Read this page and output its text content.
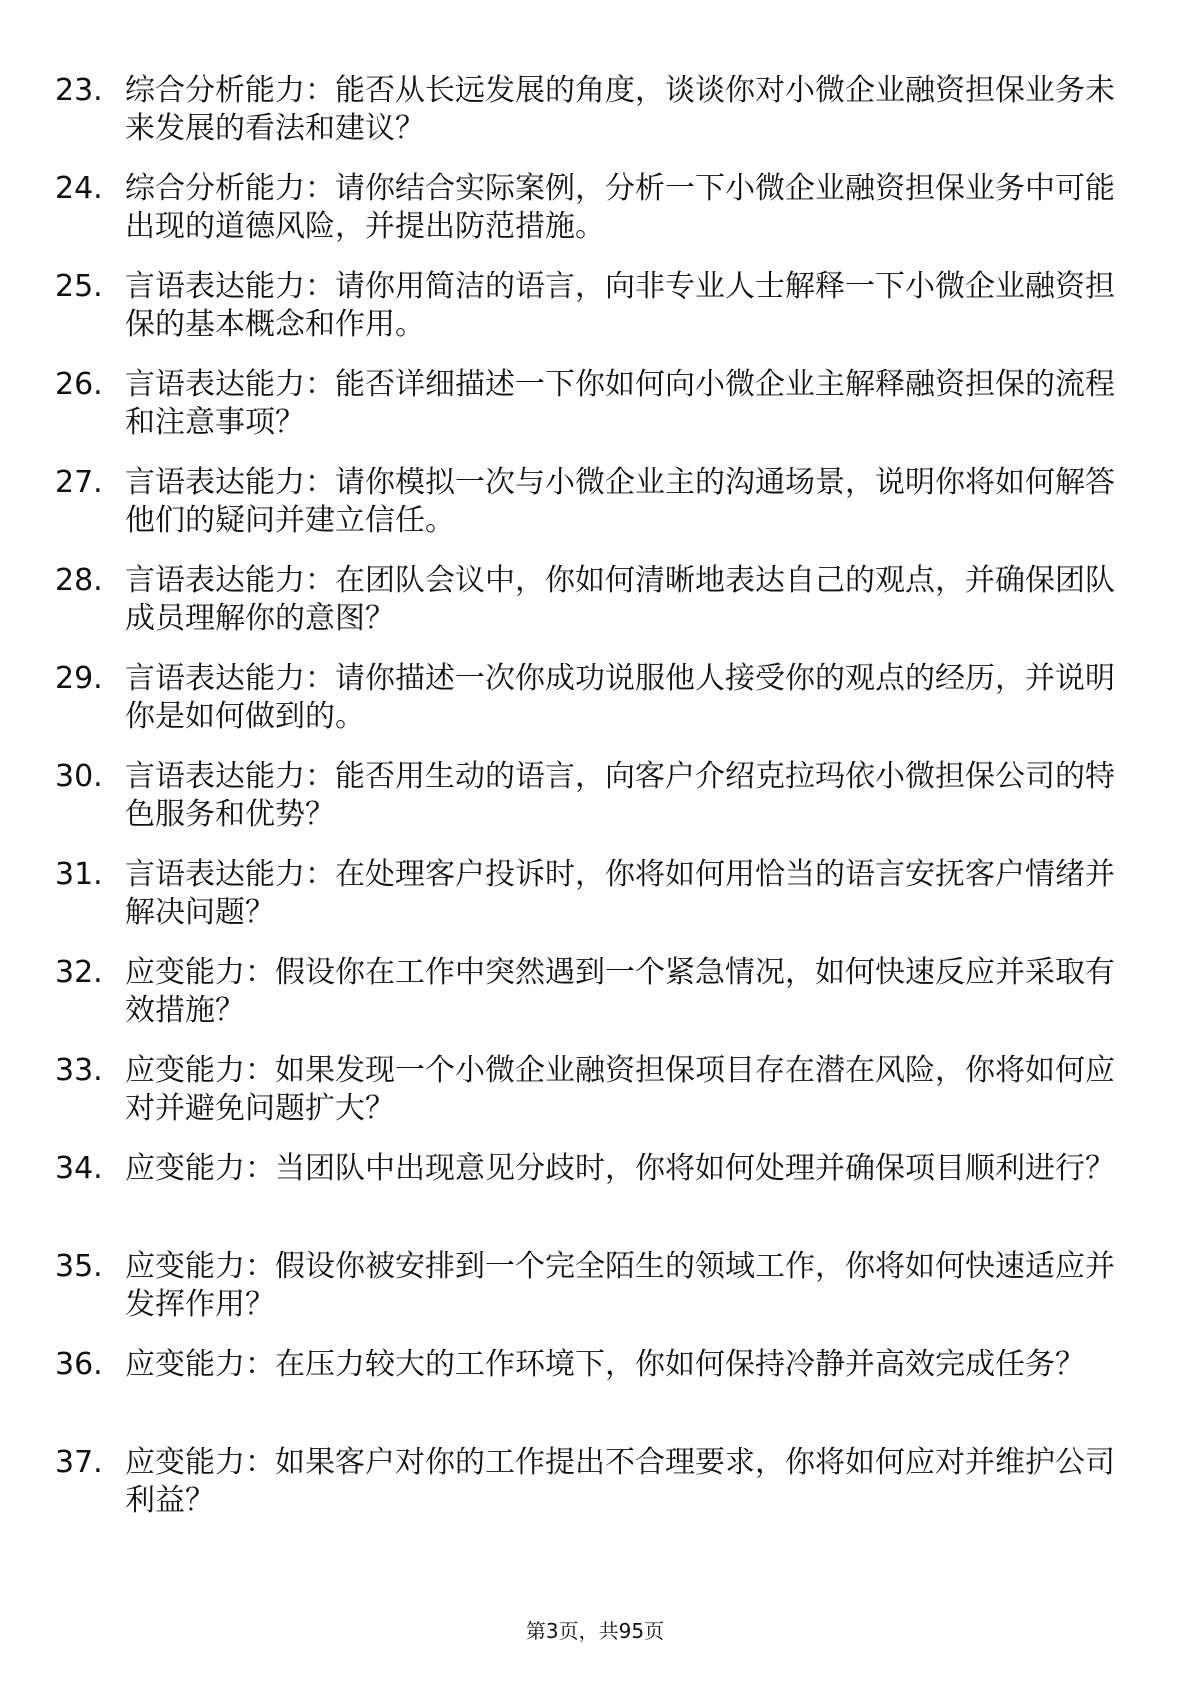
23. 综合分析能力：能否从长远发展的角度，谈谈你对小微企业融资担保业务未来发展的看法和建议？
24. 综合分析能力：请你结合实际案例，分析一下小微企业融资担保业务中可能出现的道德风险，并提出防范措施。
25. 言语表达能力：请你用简洁的语言，向非专业人士解释一下小微企业融资担保的基本概念和作用。
26. 言语表达能力：能否详细描述一下你如何向小微企业主解释融资担保的流程和注意事项？
27. 言语表达能力：请你模拟一次与小微企业主的沟通场景，说明你将如何解答他们的疑问并建立信任。
28. 言语表达能力：在团队会议中，你如何清晰地表达自己的观点，并确保团队成员理解你的意图？
29. 言语表达能力：请你描述一次你成功说服他人接受你的观点的经历，并说明你是如何做到的。
30. 言语表达能力：能否用生动的语言，向客户介绍克拉玛依小微担保公司的特色服务和优势？
31. 言语表达能力：在处理客户投诉时，你将如何用恰当的语言安抚客户情绪并解决问题？
32. 应变能力：假设你在工作中突然遇到一个紧急情况，如何快速反应并采取有效措施？
33. 应变能力：如果发现一个小微企业融资担保项目存在潜在风险，你将如何应对并避免问题扩大？
34. 应变能力：当团队中出现意见分歧时，你将如何处理并确保项目顺利进行？
35. 应变能力：假设你被安排到一个完全陌生的领域工作，你将如何快速适应并发挥作用？
36. 应变能力：在压力较大的工作环境下，你如何保持冷静并高效完成任务？
37. 应变能力：如果客户对你的工作提出不合理要求，你将如何应对并维护公司利益？
第3页，共95页
